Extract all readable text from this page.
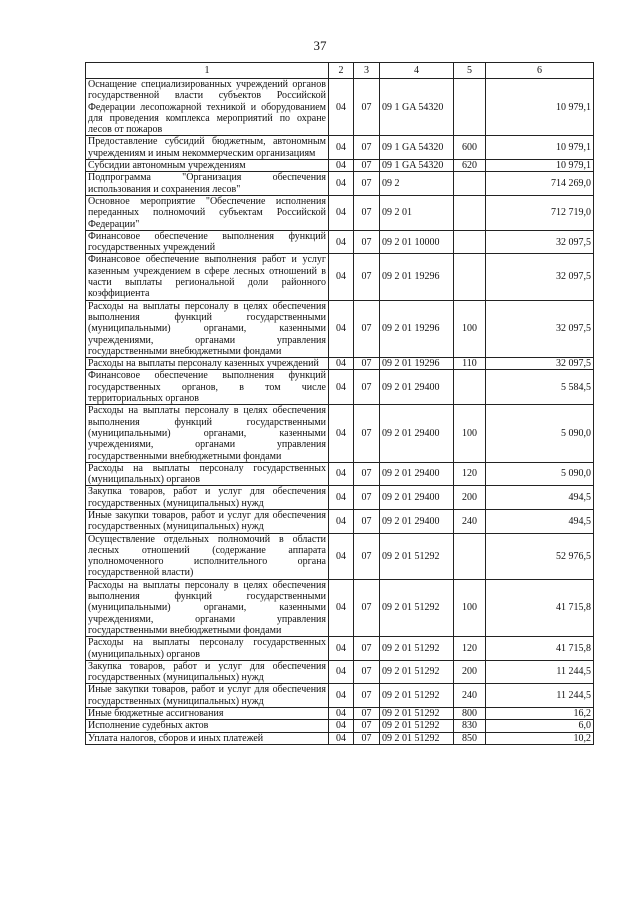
37
1	2	3	4	5	6
Оснащение специализированных учреждений органов государственной власти субъектов Российской Федерации лесопожарной техникой и оборудованием для проведения комплекса мероприятий по охране лесов от пожаров	04	07	09 1 GA 54320		10 979,1
Предоставление субсидий бюджетным, автономным учреждениям и иным некоммерческим организациям	04	07	09 1 GA 54320	600	10 979,1
Субсидии автономным учреждениям	04	07	09 1 GA 54320	620	10 979,1
Подпрограмма "Организация обеспечения использования и сохранения лесов"	04	07	09 2		714 269,0
Основное мероприятие "Обеспечение исполнения переданных полномочий субъектам Российской Федерации"	04	07	09 2 01		712 719,0
Финансовое обеспечение выполнения функций государственных учреждений	04	07	09 2 01 10000		32 097,5
Финансовое обеспечение выполнения работ и услуг казенным учреждением в сфере лесных отношений в части выплаты региональной доли районного коэффициента	04	07	09 2 01 19296		32 097,5
Расходы на выплаты персоналу в целях обеспечения выполнения функций государственными (муниципальными) органами, казенными учреждениями, органами управления государственными внебюджетными фондами	04	07	09 2 01 19296	100	32 097,5
Расходы на выплаты персоналу казенных учреждений	04	07	09 2 01 19296	110	32 097,5
Финансовое обеспечение выполнения функций государственных органов, в том числе территориальных органов	04	07	09 2 01 29400		5 584,5
Расходы на выплаты персоналу в целях обеспечения выполнения функций государственными (муниципальными) органами, казенными учреждениями, органами управления государственными внебюджетными фондами	04	07	09 2 01 29400	100	5 090,0
Расходы на выплаты персоналу государственных (муниципальных) органов	04	07	09 2 01 29400	120	5 090,0
Закупка товаров, работ и услуг для обеспечения государственных (муниципальных) нужд	04	07	09 2 01 29400	200	494,5
Иные закупки товаров, работ и услуг для обеспечения государственных (муниципальных) нужд	04	07	09 2 01 29400	240	494,5
Осуществление отдельных полномочий в области лесных отношений (содержание аппарата уполномоченного исполнительного органа государственной власти)	04	07	09 2 01 51292		52 976,5
Расходы на выплаты персоналу в целях обеспечения выполнения функций государственными (муниципальными) органами, казенными учреждениями, органами управления государственными внебюджетными фондами	04	07	09 2 01 51292	100	41 715,8
Расходы на выплаты персоналу государственных (муниципальных) органов	04	07	09 2 01 51292	120	41 715,8
Закупка товаров, работ и услуг для обеспечения государственных (муниципальных) нужд	04	07	09 2 01 51292	200	11 244,5
Иные закупки товаров, работ и услуг для обеспечения государственных (муниципальных) нужд	04	07	09 2 01 51292	240	11 244,5
Иные бюджетные ассигнования	04	07	09 2 01 51292	800	16,2
Исполнение судебных актов	04	07	09 2 01 51292	830	6,0
Уплата налогов, сборов и иных платежей	04	07	09 2 01 51292	850	10,2
